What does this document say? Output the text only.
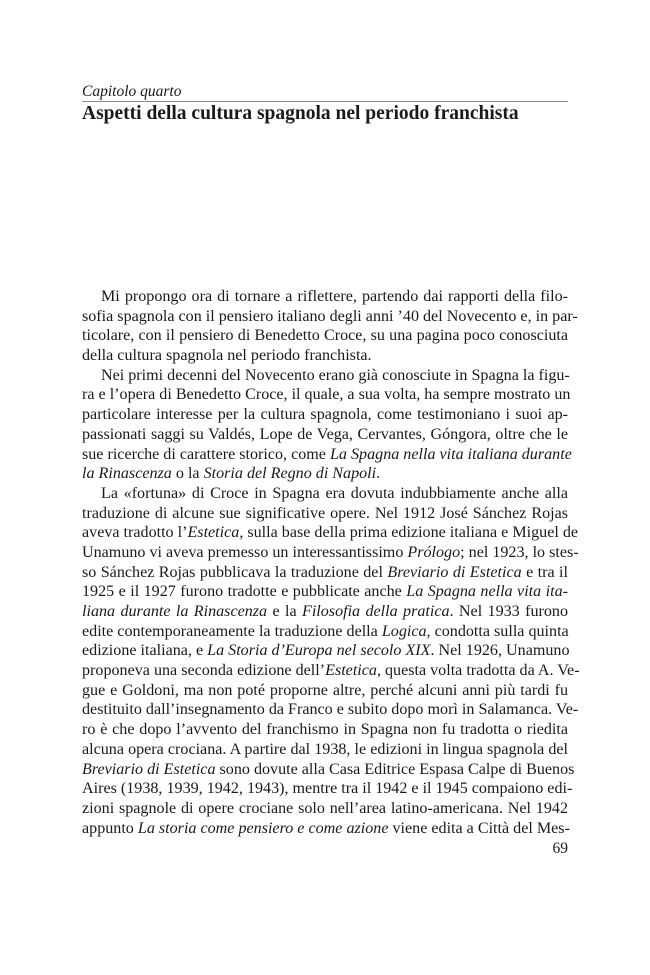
Capitolo quarto
Aspetti della cultura spagnola nel periodo franchista
Mi propongo ora di tornare a riflettere, partendo dai rapporti della filo-
sofia spagnola con il pensiero italiano degli anni ’40 del Novecento e, in par-
ticolare, con il pensiero di Benedetto Croce, su una pagina poco conosciuta
della cultura spagnola nel periodo franchista.
Nei primi decenni del Novecento erano già conosciute in Spagna la figu-
ra e l’opera di Benedetto Croce, il quale, a sua volta, ha sempre mostrato un
particolare interesse per la cultura spagnola, come testimoniano i suoi ap-
passionati saggi su Valdés, Lope de Vega, Cervantes, Góngora, oltre che le
sue ricerche di carattere storico, come La Spagna nella vita italiana durante
la Rinascenza o la Storia del Regno di Napoli.
La «fortuna» di Croce in Spagna era dovuta indubbiamente anche alla
traduzione di alcune sue significative opere. Nel 1912 José Sánchez Rojas
aveva tradotto l’Estetica, sulla base della prima edizione italiana e Miguel de
Unamuno vi aveva premesso un interessantissimo Prólogo; nel 1923, lo stes-
so Sánchez Rojas pubblicava la traduzione del Breviario di Estetica e tra il
1925 e il 1927 furono tradotte e pubblicate anche La Spagna nella vita ita-
liana durante la Rinascenza e la Filosofia della pratica. Nel 1933 furono
edite contemporaneamente la traduzione della Logica, condotta sulla quinta
edizione italiana, e La Storia d’Europa nel secolo XIX. Nel 1926, Unamuno
proponeva una seconda edizione dell’Estetica, questa volta tradotta da A. Ve-
gue e Goldoni, ma non poté proporne altre, perché alcuni anni più tardi fu
destituito dall’insegnamento da Franco e subito dopo morì in Salamanca. Ve-
ro è che dopo l’avvento del franchismo in Spagna non fu tradotta o riedita
alcuna opera crociana. A partire dal 1938, le edizioni in lingua spagnola del
Breviario di Estetica sono dovute alla Casa Editrice Espasa Calpe di Buenos
Aires (1938, 1939, 1942, 1943), mentre tra il 1942 e il 1945 compaiono edi-
zioni spagnole di opere crociane solo nell’area latino-americana. Nel 1942
appunto La storia come pensiero e come azione viene edita a Città del Mes-
69
